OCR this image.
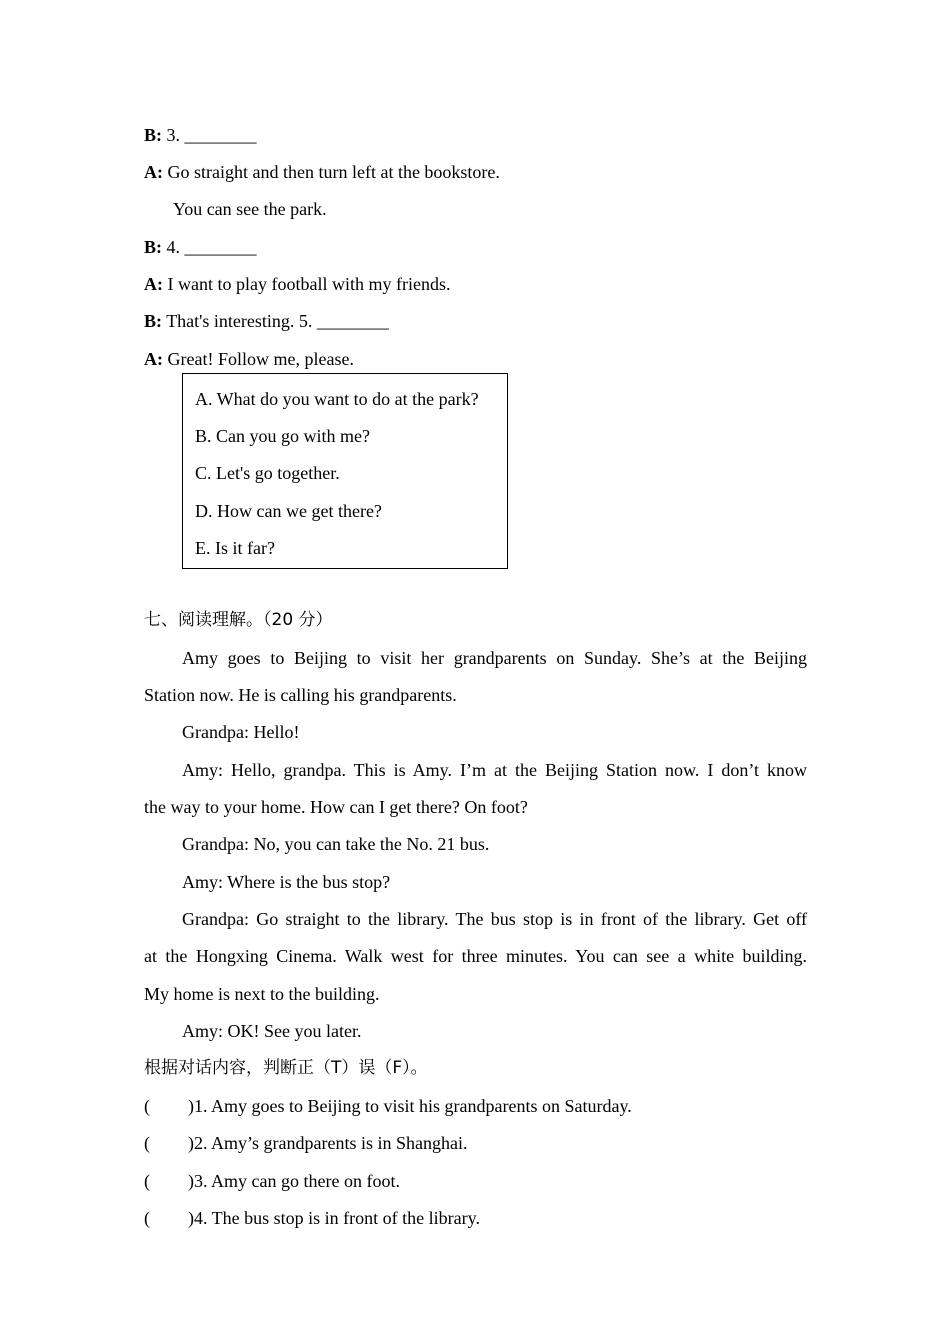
B: 3. ________
A: Go straight and then turn left at the bookstore.
You can see the park.
B: 4. ________
A: I want to play football with my friends.
B: That's interesting. 5. ________
A: Great! Follow me, please.
A. What do you want to do at the park?
B. Can you go with me?
C. Let's go together.
D. How can we get there?
E. Is it far?
七、阅读理解。（20 分）
Amy goes to Beijing to visit her grandparents on Sunday. She’s at the Beijing
Station now. He is calling his grandparents.
Grandpa: Hello!
Amy: Hello, grandpa. This is Amy. I’m at the Beijing Station now. I don’t know
the way to your home. How can I get there? On foot?
Grandpa: No, you can take the No. 21 bus.
Amy: Where is the bus stop?
Grandpa: Go straight to the library. The bus stop is in front of the library. Get off
at the Hongxing Cinema. Walk west for three minutes. You can see a white building.
My home is next to the building.
Amy: OK! See you later.
根据对话内容，判断正（T）误（F）。
( )1. Amy goes to Beijing to visit his grandparents on Saturday.
( )2. Amy’s grandparents is in Shanghai.
( )3. Amy can go there on foot.
( )4. The bus stop is in front of the library.
